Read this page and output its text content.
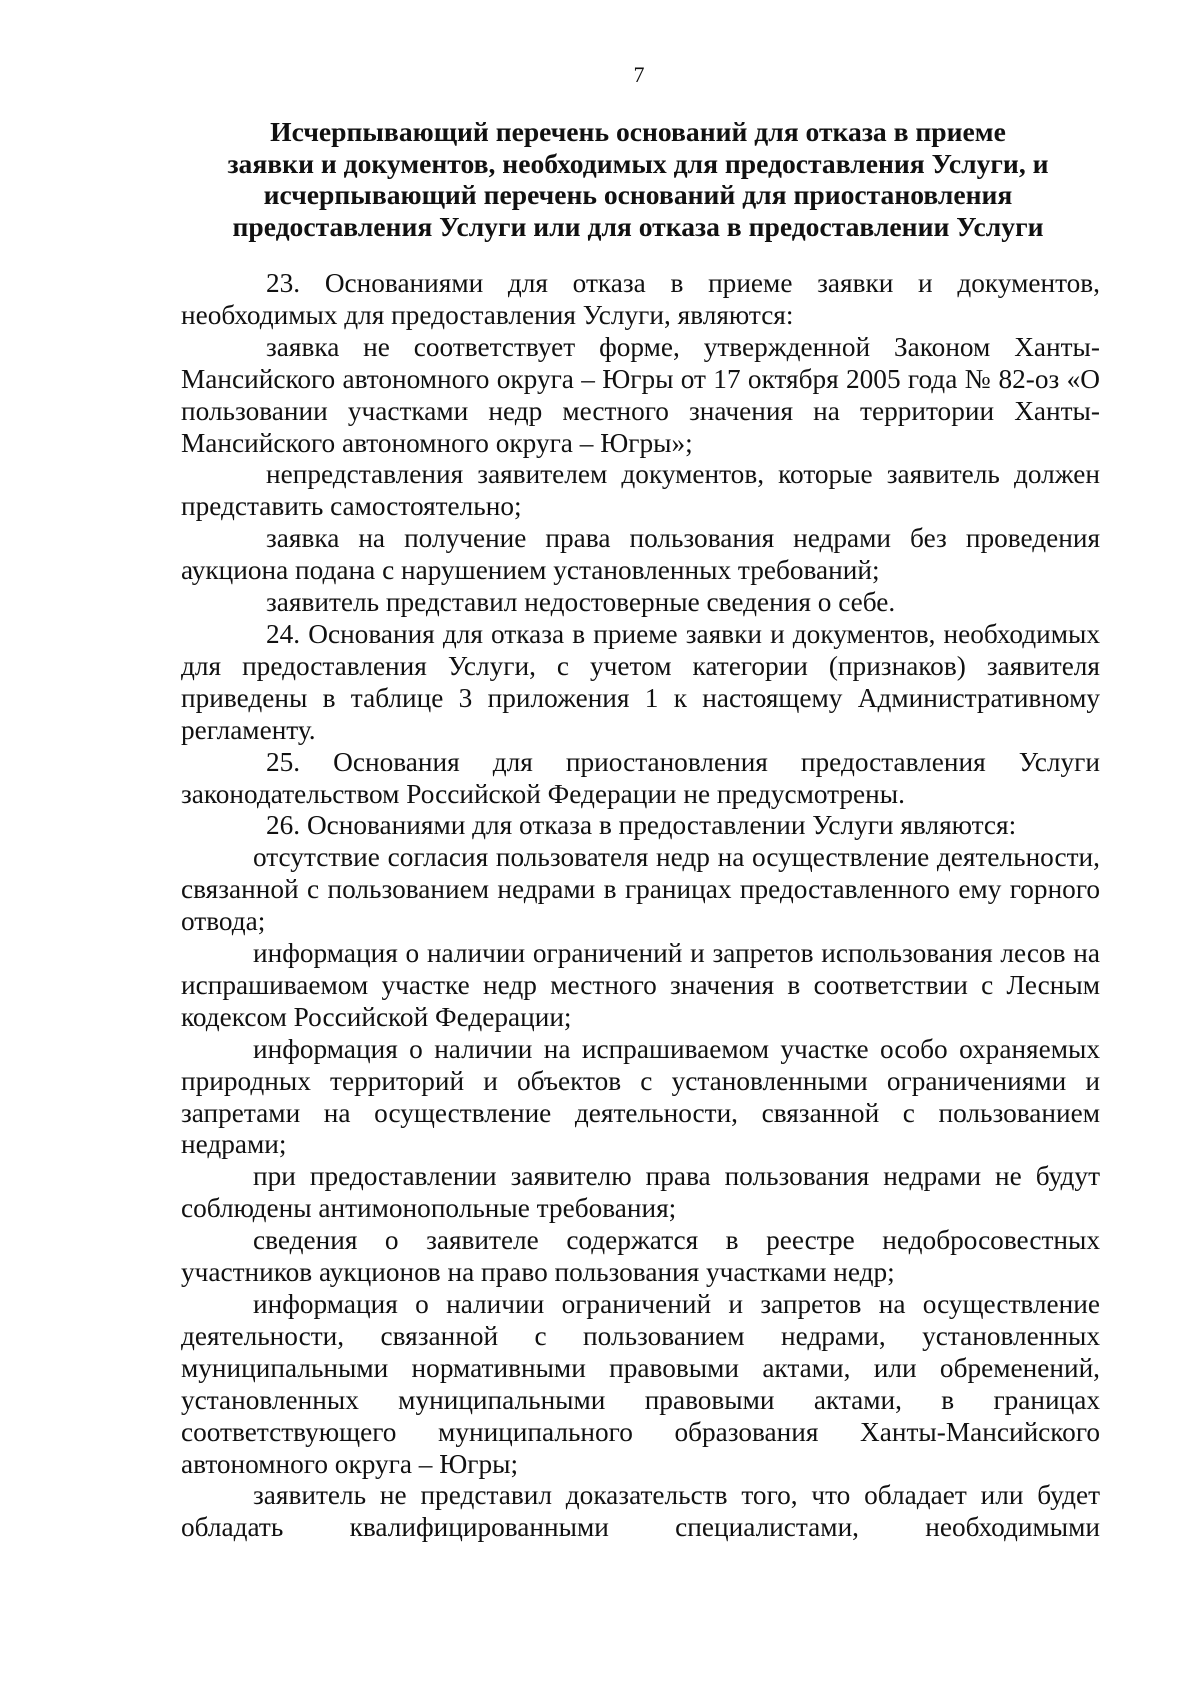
7
Исчерпывающий перечень оснований для отказа в приеме
заявки и документов, необходимых для предоставления Услуги, и
исчерпывающий перечень оснований для приостановления
предоставления Услуги или для отказа в предоставлении Услуги

23. Основаниями для отказа в приеме заявки и документов, необходимых для предоставления Услуги, являются:

заявка не соответствует форме, утвержденной Законом Ханты-Мансийского автономного округа – Югры от 17 октября 2005 года № 82-оз «О пользовании участками недр местного значения на территории Ханты-Мансийского автономного округа – Югры»;

непредставления заявителем документов, которые заявитель должен представить самостоятельно;

заявка на получение права пользования недрами без проведения аукциона подана с нарушением установленных требований;

заявитель представил недостоверные сведения о себе.

24. Основания для отказа в приеме заявки и документов, необходимых для предоставления Услуги, с учетом категории (признаков) заявителя приведены в таблице 3 приложения 1 к настоящему Административному регламенту.

25. Основания для приостановления предоставления Услуги законодательством Российской Федерации не предусмотрены.

26. Основаниями для отказа в предоставлении Услуги являются:

отсутствие согласия пользователя недр на осуществление деятельности, связанной с пользованием недрами в границах предоставленного ему горного отвода;

информация о наличии ограничений и запретов использования лесов на испрашиваемом участке недр местного значения в соответствии с Лесным кодексом Российской Федерации;

информация о наличии на испрашиваемом участке особо охраняемых природных территорий и объектов с установленными ограничениями и запретами на осуществление деятельности, связанной с пользованием недрами;

при предоставлении заявителю права пользования недрами не будут соблюдены антимонопольные требования;

сведения о заявителе содержатся в реестре недобросовестных участников аукционов на право пользования участками недр;

информация о наличии ограничений и запретов на осуществление деятельности, связанной с пользованием недрами, установленных муниципальными нормативными правовыми актами, или обременений, установленных муниципальными правовыми актами, в границах соответствующего муниципального образования Ханты-Мансийского автономного округа – Югры;

заявитель не представил доказательств того, что обладает или будет обладать квалифицированными специалистами, необходимыми
